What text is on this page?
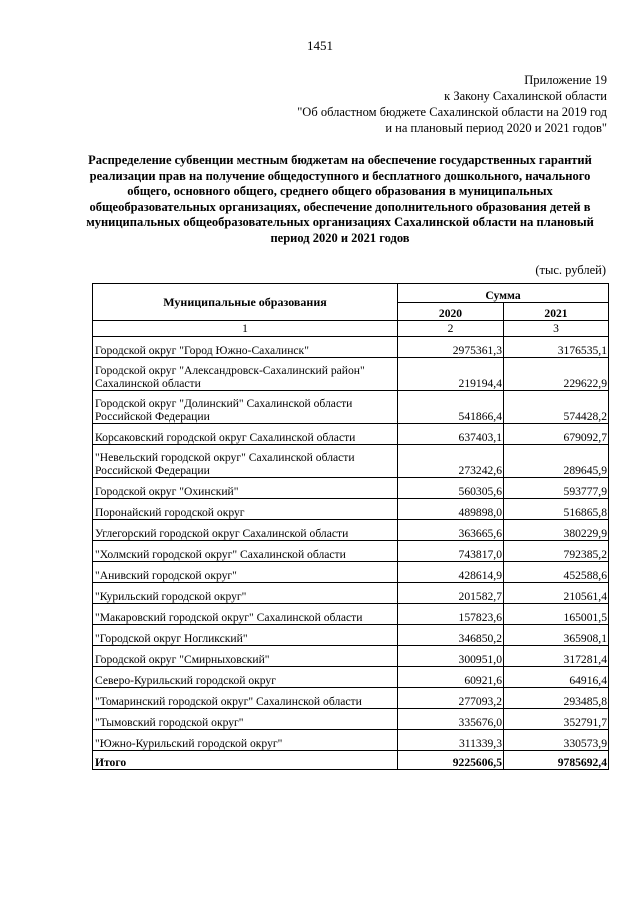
1451
Приложение 19
к Закону Сахалинской области
"Об областном бюджете Сахалинской области на 2019 год
и на плановый период 2020 и 2021 годов"
Распределение субвенции местным бюджетам на обеспечение государственных гарантий реализации прав на получение общедоступного и бесплатного дошкольного, начального общего, основного общего, среднего общего образования в муниципальных общеобразовательных организациях, обеспечение дополнительного образования детей в муниципальных общеобразовательных организациях Сахалинской области на плановый период 2020 и 2021 годов
(тыс. рублей)
Муниципальные образования	Сумма	
	2020	2021
1	2	3
Городской округ "Город Южно-Сахалинск"	2975361,3	3176535,1
Городской округ "Александровск-Сахалинский район" Сахалинской области	219194,4	229622,9
Городской округ "Долинский" Сахалинской области Российской Федерации	541866,4	574428,2
Корсаковский городской округ Сахалинской области	637403,1	679092,7
"Невельский городской округ" Сахалинской области Российской Федерации	273242,6	289645,9
Городской округ "Охинский"	560305,6	593777,9
Поронайский городской округ	489898,0	516865,8
Углегорский городской округ Сахалинской области	363665,6	380229,9
"Холмский городской округ" Сахалинской области	743817,0	792385,2
"Анивский городской округ"	428614,9	452588,6
"Курильский городской округ"	201582,7	210561,4
"Макаровский городской округ" Сахалинской области	157823,6	165001,5
"Городской округ Ногликский"	346850,2	365908,1
Городской округ "Смирныховский"	300951,0	317281,4
Северо-Курильский городской округ	60921,6	64916,4
"Томаринский городской округ" Сахалинской области	277093,2	293485,8
"Тымовский городской округ"	335676,0	352791,7
"Южно-Курильский городской округ"	311339,3	330573,9
Итого	9225606,5	9785692,4
